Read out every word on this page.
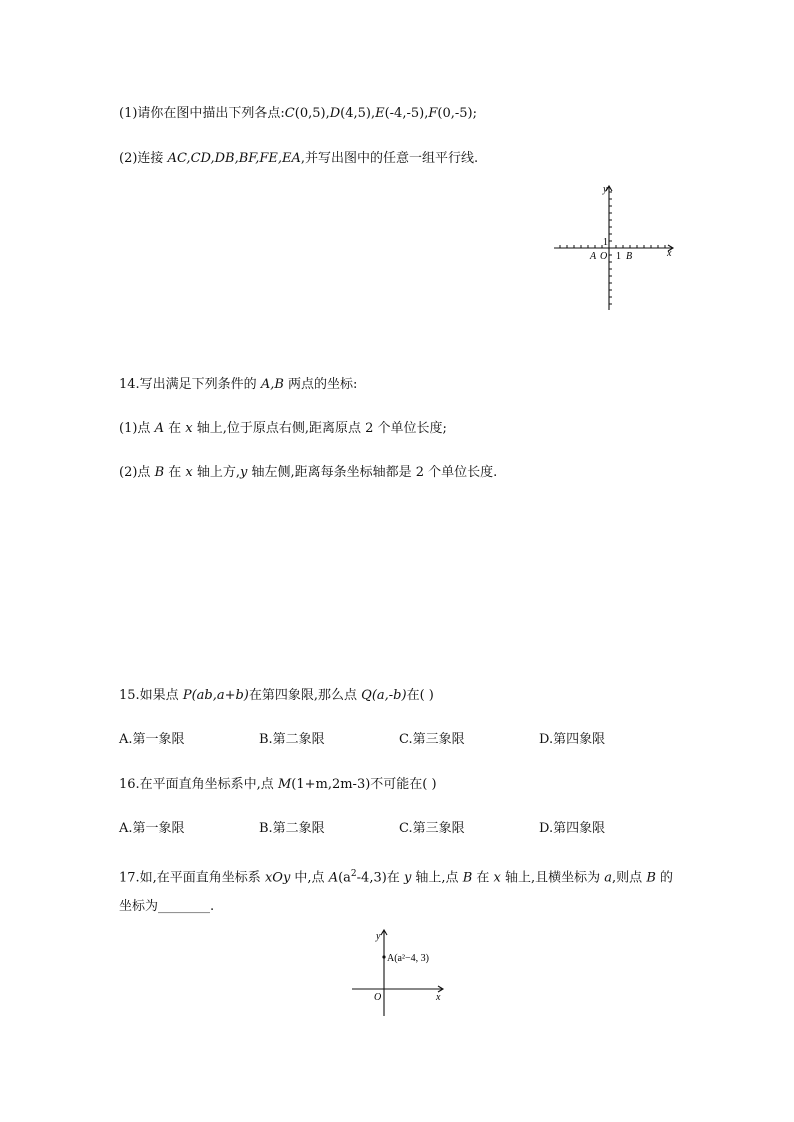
(1)请你在图中描出下列各点:C(0,5),D(4,5),E(-4,-5),F(0,-5);
(2)连接 AC,CD,DB,BF,FE,EA,并写出图中的任意一组平行线.
y
x
1
A O 1 B
14.写出满足下列条件的 A,B 两点的坐标:
(1)点 A 在 x 轴上,位于原点右侧,距离原点 2 个单位长度;
(2)点 B 在 x 轴上方,y 轴左侧,距离每条坐标轴都是 2 个单位长度.
15.如果点 P(ab,a+b)在第四象限,那么点 Q(a,-b)在( )
A.第一象限	B.第二象限	C.第三象限	D.第四象限
16.在平面直角坐标系中,点 M(1+m,2m-3)不可能在( )
A.第一象限	B.第二象限	C.第三象限	D.第四象限
17.如,在平面直角坐标系 xOy 中,点 $A(a^2-4,3)$在 y 轴上,点 B 在 x 轴上,且横坐标为 a,则点 B 的
坐标为________.
y
x
O
A(a²−4, 3)
